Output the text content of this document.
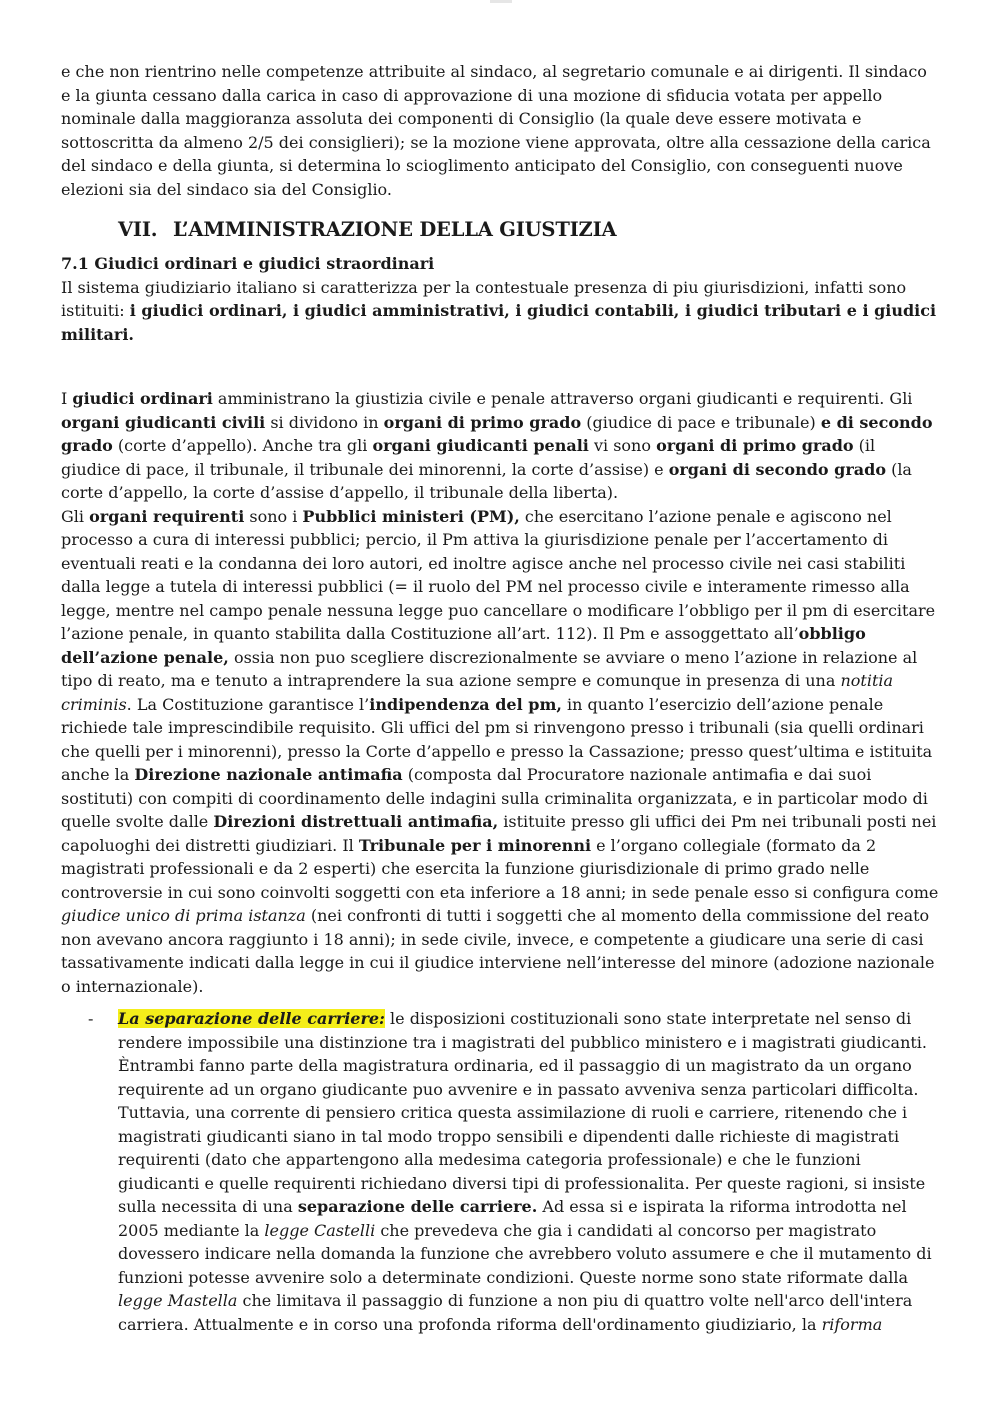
e che non rientrino nelle competenze attribuite al sindaco, al segretario comunale e ai dirigenti. Il sindaco e la giunta cessano dalla carica in caso di approvazione di una mozione di sfiducia votata per appello nominale dalla maggioranza assoluta dei componenti di Consiglio (la quale deve essere motivata e sottoscritta da almeno 2/5 dei consiglieri); se la mozione viene approvata, oltre alla cessazione della carica del sindaco e della giunta, si determina lo scioglimento anticipato del Consiglio, con conseguenti nuove elezioni sia del sindaco sia del Consiglio.

VII. L’AMMINISTRAZIONE DELLA GIUSTIZIA

7.1 Giudici ordinari e giudici straordinari

Il sistema giudiziario italiano si caratterizza per la contestuale presenza di piu giurisdizioni, infatti sono istituiti: i giudici ordinari, i giudici amministrativi, i giudici contabili, i giudici tributari e i giudici militari.

I giudici ordinari amministrano la giustizia civile e penale attraverso organi giudicanti e requirenti. Gli organi giudicanti civili si dividono in organi di primo grado (giudice di pace e tribunale) e di secondo grado (corte d’appello). Anche tra gli organi giudicanti penali vi sono organi di primo grado (il giudice di pace, il tribunale, il tribunale dei minorenni, la corte d’assise) e organi di secondo grado (la corte d’appello, la corte d’assise d’appello, il tribunale della liberta).

Gli organi requirenti sono i Pubblici ministeri (PM), che esercitano l’azione penale e agiscono nel processo a cura di interessi pubblici; percio, il Pm attiva la giurisdizione penale per l’accertamento di eventuali reati e la condanna dei loro autori, ed inoltre agisce anche nel processo civile nei casi stabiliti dalla legge a tutela di interessi pubblici (= il ruolo del PM nel processo civile e interamente rimesso alla legge, mentre nel campo penale nessuna legge puo cancellare o modificare l’obbligo per il pm di esercitare l’azione penale, in quanto stabilita dalla Costituzione all’art. 112). Il Pm e assoggettato all’obbligo dell’azione penale, ossia non puo scegliere discrezionalmente se avviare o meno l’azione in relazione al tipo di reato, ma e tenuto a intraprendere la sua azione sempre e comunque in presenza di una notitia criminis. La Costituzione garantisce l’indipendenza del pm, in quanto l’esercizio dell’azione penale richiede tale imprescindibile requisito. Gli uffici del pm si rinvengono presso i tribunali (sia quelli ordinari che quelli per i minorenni), presso la Corte d’appello e presso la Cassazione; presso quest’ultima e istituita anche la Direzione nazionale antimafia (composta dal Procuratore nazionale antimafia e dai suoi sostituti) con compiti di coordinamento delle indagini sulla criminalita organizzata, e in particolar modo di quelle svolte dalle Direzioni distrettuali antimafia, istituite presso gli uffici dei Pm nei tribunali posti nei capoluoghi dei distretti giudiziari. Il Tribunale per i minorenni e l’organo collegiale (formato da 2 magistrati professionali e da 2 esperti) che esercita la funzione giurisdizionale di primo grado nelle controversie in cui sono coinvolti soggetti con eta inferiore a 18 anni; in sede penale esso si configura come giudice unico di prima istanza (nei confronti di tutti i soggetti che al momento della commissione del reato non avevano ancora raggiunto i 18 anni); in sede civile, invece, e competente a giudicare una serie di casi tassativamente indicati dalla legge in cui il giudice interviene nell’interesse del minore (adozione nazionale o internazionale).

- La separazione delle carriere: le disposizioni costituzionali sono state interpretate nel senso di rendere impossibile una distinzione tra i magistrati del pubblico ministero e i magistrati giudicanti. Èntrambi fanno parte della magistratura ordinaria, ed il passaggio di un magistrato da un organo requirente ad un organo giudicante puo avvenire e in passato avveniva senza particolari difficolta. Tuttavia, una corrente di pensiero critica questa assimilazione di ruoli e carriere, ritenendo che i magistrati giudicanti siano in tal modo troppo sensibili e dipendenti dalle richieste di magistrati requirenti (dato che appartengono alla medesima categoria professionale) e che le funzioni giudicanti e quelle requirenti richiedano diversi tipi di professionalita. Per queste ragioni, si insiste sulla necessita di una separazione delle carriere. Ad essa si e ispirata la riforma introdotta nel 2005 mediante la legge Castelli che prevedeva che gia i candidati al concorso per magistrato dovessero indicare nella domanda la funzione che avrebbero voluto assumere e che il mutamento di funzioni potesse avvenire solo a determinate condizioni. Queste norme sono state riformate dalla legge Mastella che limitava il passaggio di funzione a non piu di quattro volte nell'arco dell'intera carriera. Attualmente e in corso una profonda riforma dell'ordinamento giudiziario, la riforma
